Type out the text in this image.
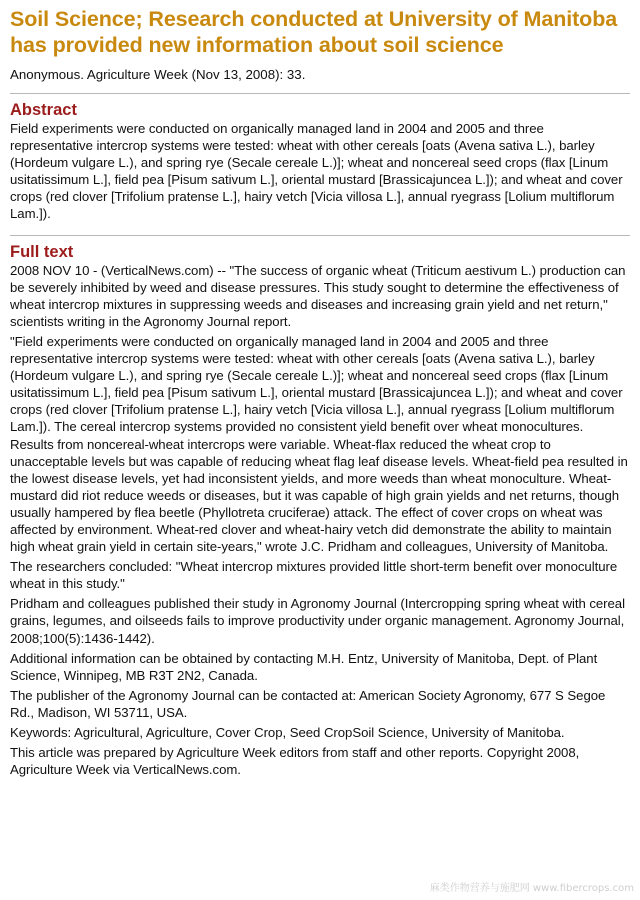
Soil Science; Research conducted at University of Manitoba has provided new information about soil science

Anonymous. Agriculture Week (Nov 13, 2008): 33.

Abstract

Field experiments were conducted on organically managed land in 2004 and 2005 and three representative intercrop systems were tested: wheat with other cereals [oats (Avena sativa L.), barley (Hordeum vulgare L.), and spring rye (Secale cereale L.)]; wheat and noncereal seed crops (flax [Linum usitatissimum L.], field pea [Pisum sativum L.], oriental mustard [Brassicajuncea L.]); and wheat and cover crops (red clover [Trifolium pratense L.], hairy vetch [Vicia villosa L.], annual ryegrass [Lolium multiflorum Lam.]).

Full text

2008 NOV 10 - (VerticalNews.com) -- "The success of organic wheat (Triticum aestivum L.) production can be severely inhibited by weed and disease pressures. This study sought to determine the effectiveness of wheat intercrop mixtures in suppressing weeds and diseases and increasing grain yield and net return," scientists writing in the Agronomy Journal report.

"Field experiments were conducted on organically managed land in 2004 and 2005 and three representative intercrop systems were tested: wheat with other cereals [oats (Avena sativa L.), barley (Hordeum vulgare L.), and spring rye (Secale cereale L.)]; wheat and noncereal seed crops (flax [Linum usitatissimum L.], field pea [Pisum sativum L.], oriental mustard [Brassicajuncea L.]); and wheat and cover crops (red clover [Trifolium pratense L.], hairy vetch [Vicia villosa L.], annual ryegrass [Lolium multiflorum Lam.]). The cereal intercrop systems provided no consistent yield benefit over wheat monocultures. Results from noncereal-wheat intercrops were variable. Wheat-flax reduced the wheat crop to unacceptable levels but was capable of reducing wheat flag leaf disease levels. Wheat-field pea resulted in the lowest disease levels, yet had inconsistent yields, and more weeds than wheat monoculture. Wheat-mustard did riot reduce weeds or diseases, but it was capable of high grain yields and net returns, though usually hampered by flea beetle (Phyllotreta cruciferae) attack. The effect of cover crops on wheat was affected by environment. Wheat-red clover and wheat-hairy vetch did demonstrate the ability to maintain high wheat grain yield in certain site-years," wrote J.C. Pridham and colleagues, University of Manitoba.

The researchers concluded: "Wheat intercrop mixtures provided little short-term benefit over monoculture wheat in this study."

Pridham and colleagues published their study in Agronomy Journal (Intercropping spring wheat with cereal grains, legumes, and oilseeds fails to improve productivity under organic management. Agronomy Journal, 2008;100(5):1436-1442).

Additional information can be obtained by contacting M.H. Entz, University of Manitoba, Dept. of Plant Science, Winnipeg, MB R3T 2N2, Canada.

The publisher of the Agronomy Journal can be contacted at: American Society Agronomy, 677 S Segoe Rd., Madison, WI 53711, USA.

Keywords: Agricultural, Agriculture, Cover Crop, Seed CropSoil Science, University of Manitoba.

This article was prepared by Agriculture Week editors from staff and other reports. Copyright 2008, Agriculture Week via VerticalNews.com.

麻类作物营养与施肥网 www.fibercrops.com
